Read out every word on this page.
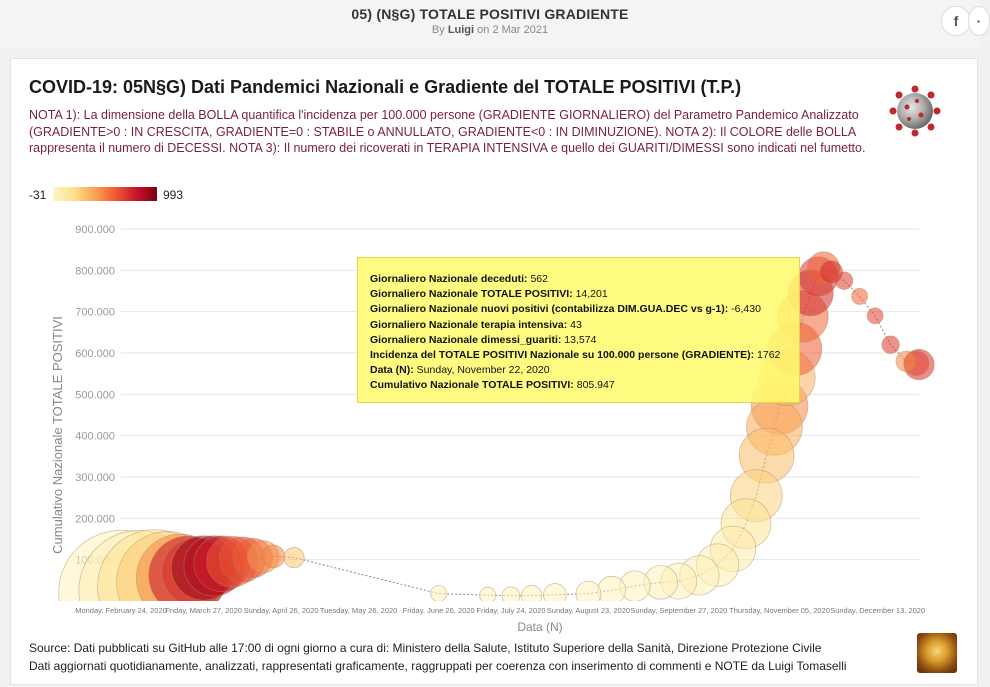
05) (N§G) TOTALE POSITIVI GRADIENTE
By Luigi on 2 Mar 2021
f	·
COVID-19: 05N§G) Dati Pandemici Nazionali e Gradiente del TOTALE POSITIVI (T.P.)
NOTA 1): La dimensione della BOLLA quantifica l'incidenza per 100.000 persone (GRADIENTE GIORNALIERO) del Parametro Pandemico Analizzato (GRADIENTE>0 : IN CRESCITA, GRADIENTE=0 : STABILE o ANNULLATO, GRADIENTE<0 : IN DIMINUZIONE). NOTA 2): Il COLORE delle BOLLA rappresenta il numero di DECESSI. NOTA 3): Il numero dei ricoverati in TERAPIA INTENSIVA e quello dei GUARITI/DIMESSI sono indicati nel fumetto.
-31	993
200.000
300.000
400.000
500.000
600.000
700.000
800.000
900.000
Cumulativo Nazionale TOTALE POSITIVI
Monday, February 24, 2020
Friday, March 27, 2020 Sunday, April 26, 2020 Tuesday, May 26, 2020 Friday, June 26, 2020 Friday, July 24, 2020 Sunday, August 23, 2020 Sunday, September 27, 2020 Thursday, November 05, 2020 Sunday, December 13, 2020
Data (N)
Source: Dati pubblicati su GitHub alle 17:00 di ogni giorno a cura di: Ministero della Salute, Istituto Superiore della Sanità, Direzione Protezione Civile
Dati aggiornati quotidianamente, analizzati, rappresentati graficamente, raggruppati per coerenza con inserimento di commenti e NOTE da Luigi Tomaselli
Giornaliero Nazionale deceduti: 562
Giornaliero Nazionale TOTALE POSITIVI: 14,201
Giornaliero Nazionale nuovi positivi (contabilizza DIM.GUA.DEC vs g-1): -6,430
Giornaliero Nazionale terapia intensiva: 43
Giornaliero Nazionale dimessi_guariti: 13,574
Incidenza del TOTALE POSITIVI Nazionale su 100.000 persone (GRADIENTE): 1762
Data (N): Sunday, November 22, 2020
Cumulativo Nazionale TOTALE POSITIVI: 805.947
